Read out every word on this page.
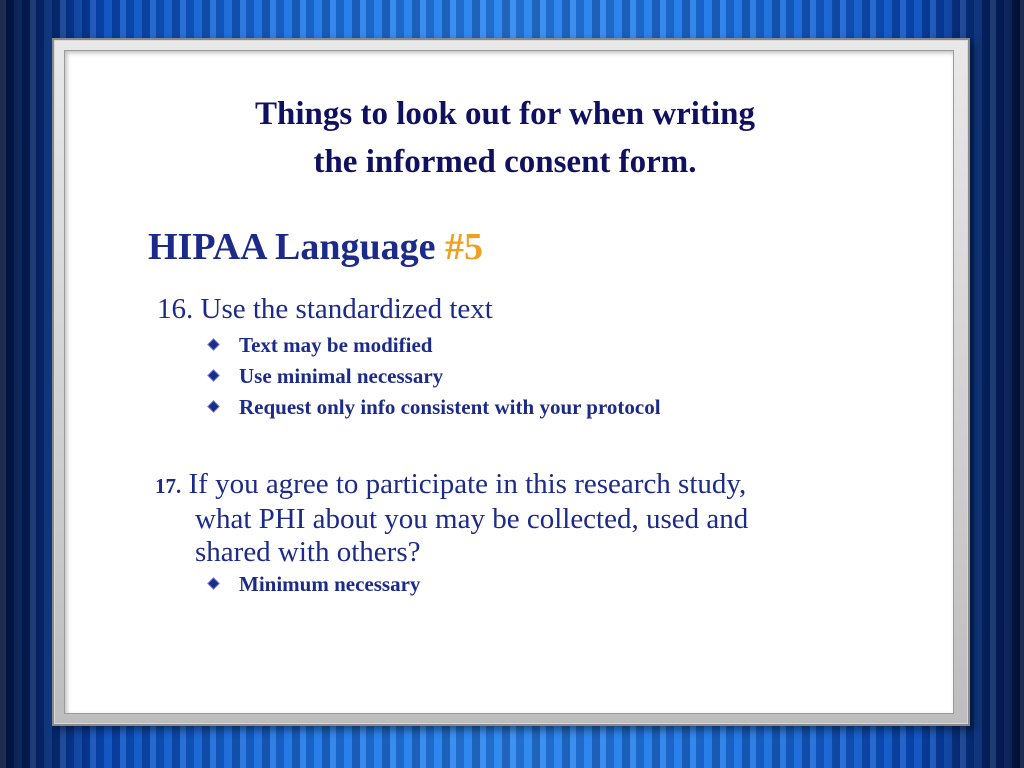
Things to look out for when writing
the informed consent form.
HIPAA Language #5
16. Use the standardized text
Text may be modified
Use minimal necessary
Request only info consistent with your protocol
17. If you agree to participate in this research study,
what PHI about you may be collected, used and
shared with others?
Minimum necessary
